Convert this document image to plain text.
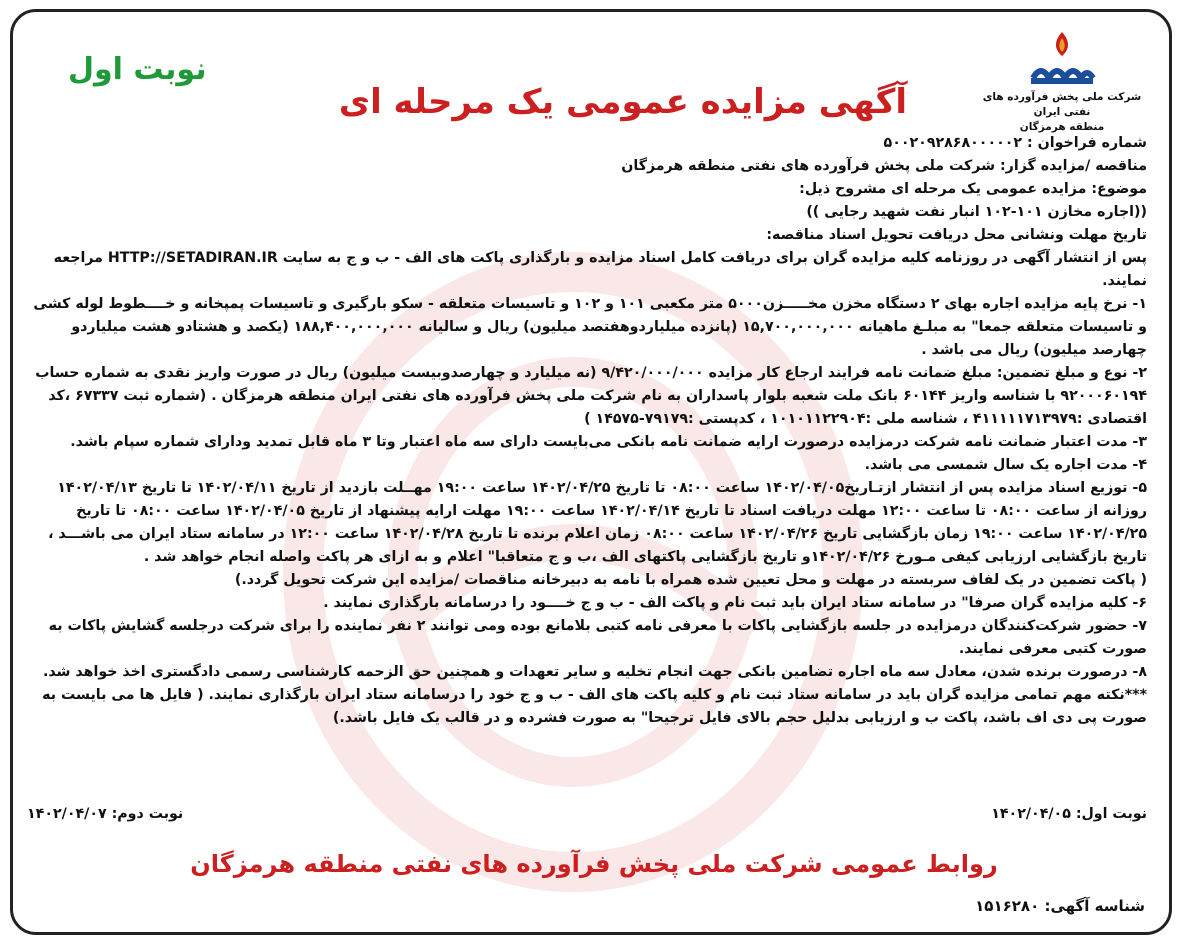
شرکت ملی پخش فرآورده های نفتی ایران
منطقه هرمزگان
نوبت اول
آگهی مزایده عمومی یک مرحله ای
شماره فراخوان : ۵۰۰۲۰۹۲۸۶۸۰۰۰۰۰۲
مناقصه /مزایده گزار: شرکت ملی پخش فرآورده های نفتی منطقه هرمزگان
موضوع: مزایده عمومی یک مرحله ای مشروح ذیل:
((اجاره مخازن ۱۰۱-۱۰۲ انبار نفت شهید رجایی ))
تاریخ مهلت ونشانی محل دریافت تحویل اسناد مناقصه:
پس از انتشار آگهی در روزنامه کلیه مزایده گران برای دریافت کامل اسناد مزایده و بارگذاری پاکت های الف - ب و ج به سایت HTTP://SETADIRAN.IR مراجعه نمایند.
۱- نرخ پایه مزایده اجاره بهای ۲ دستگاه مخزن مخـــــزن۵۰۰۰ متر مکعبی ۱۰۱ و ۱۰۲ و تاسیسات متعلقه - سکو بارگیری و تاسیسات پمپخانه و خــــطوط لوله کشی و تاسیسات متعلقه جمعا" به مبلـغ ماهیانه ۱۵,۷۰۰,۰۰۰,۰۰۰ (پانزده میلیاردوهفتصد میلیون) ریال و سالیانه ۱۸۸,۴۰۰,۰۰۰,۰۰۰ (یکصد و هشتادو هشت میلیاردو چهارصد میلیون) ریال می باشد .
۲- نوع و مبلغ تضمین: مبلغ ضمانت نامه فرایند ارجاع کار مزایده ۹/۴۲۰/۰۰۰/۰۰۰ (نه میلیارد و چهارصدوبیست میلیون) ریال در صورت واریز نقدی به شماره حساب ۹۲۰۰۰۶۰۱۹۴ با شناسه واریز ۶۰۱۴۴ بانک ملت شعبه بلوار پاسداران به نام شرکت ملی پخش فرآورده های نفتی ایران منطقه هرمزگان . (شماره ثبت ۶۷۳۳۷ ،کد اقتصادی :۴۱۱۱۱۱۷۱۳۹۷۹ ، شناسه ملی :۱۰۱۰۱۱۲۲۹۰۴ ، کدپستی :۷۹۱۷۹-۱۴۵۷۵ )
۳- مدت اعتبار ضمانت نامه شرکت درمزایده درصورت ارایه ضمانت نامه بانکی می‌بایست دارای سه ماه اعتبار وتا ۳ ماه قابل تمدید ودارای شماره سپام باشد.
۴- مدت اجاره یک سال شمسی می باشد.
۵- توزیع اسناد مزایده پس از انتشار ازتـاریخ۱۴۰۲/۰۴/۰۵ ساعت ۰۸:۰۰ تا تاریخ ۱۴۰۲/۰۴/۲۵ ساعت ۱۹:۰۰ مهــلت بازدید از تاریخ ۱۴۰۲/۰۴/۱۱ تا تاریخ ۱۴۰۲/۰۴/۱۳ روزانه از ساعت ۰۸:۰۰ تا ساعت ۱۲:۰۰ مهلت دریافت اسناد تا تاریخ ۱۴۰۲/۰۴/۱۴ ساعت ۱۹:۰۰ مهلت ارایه پیشنهاد از تاریخ ۱۴۰۲/۰۴/۰۵ ساعت ۰۸:۰۰ تا تاریخ ۱۴۰۲/۰۴/۲۵ ساعت ۱۹:۰۰ زمان بازگشایی تاریخ ۱۴۰۲/۰۴/۲۶ ساعت ۰۸:۰۰ زمان اعلام برنده تا تاریخ ۱۴۰۲/۰۴/۲۸ ساعت ۱۲:۰۰ در سامانه ستاد ایران می باشـــد ، تاریخ بازگشایی ارزیابی کیفی مـورخ ۱۴۰۲/۰۴/۲۶و تاریخ بازگشایی پاکتهای الف ،ب و ج متعاقبا" اعلام و به ازای هر پاکت واصله انجام خواهد شد .
( پاکت تضمین در یک لفاف سربسته در مهلت و محل تعیین شده همراه با نامه به دبیرخانه مناقصات /مزایده این شرکت تحویل گردد.)
۶- کلیه مزایده گران صرفا" در سامانه ستاد ایران باید ثبت نام و پاکت الف - ب و ج خــــود را درسامانه بارگذاری نمایند .
۷- حضور شرکت‌کنندگان درمزایده در جلسه بازگشایی پاکات با معرفی نامه کتبی بلامانع بوده ومی توانند ۲ نفر نماینده را برای شرکت درجلسه گشایش پاکات به صورت کتبی معرفی نمایند.
۸- درصورت برنده شدن، معادل سه ماه اجاره تضامین بانکی جهت انجام تخلیه و سایر تعهدات و همچنین حق الزحمه کارشناسی رسمی دادگستری اخذ خواهد شد.
***نکته مهم تمامی مزایده گران باید در سامانه ستاد ثبت نام و کلیه پاکت های الف - ب و ج خود را درسامانه ستاد ایران بارگذاری نمایند. ( فایل ها می بایست به صورت پی دی اف باشد، پاکت ب و ارزیابی بدلیل حجم بالای فایل ترجیحا" به صورت فشرده و در قالب یک فایل باشد.)
نوبت اول: ۱۴۰۲/۰۴/۰۵
نوبت دوم: ۱۴۰۲/۰۴/۰۷
روابط عمومی شرکت ملی پخش فرآورده های نفتی منطقه هرمزگان
شناسه آگهی: ۱۵۱۶۲۸۰
